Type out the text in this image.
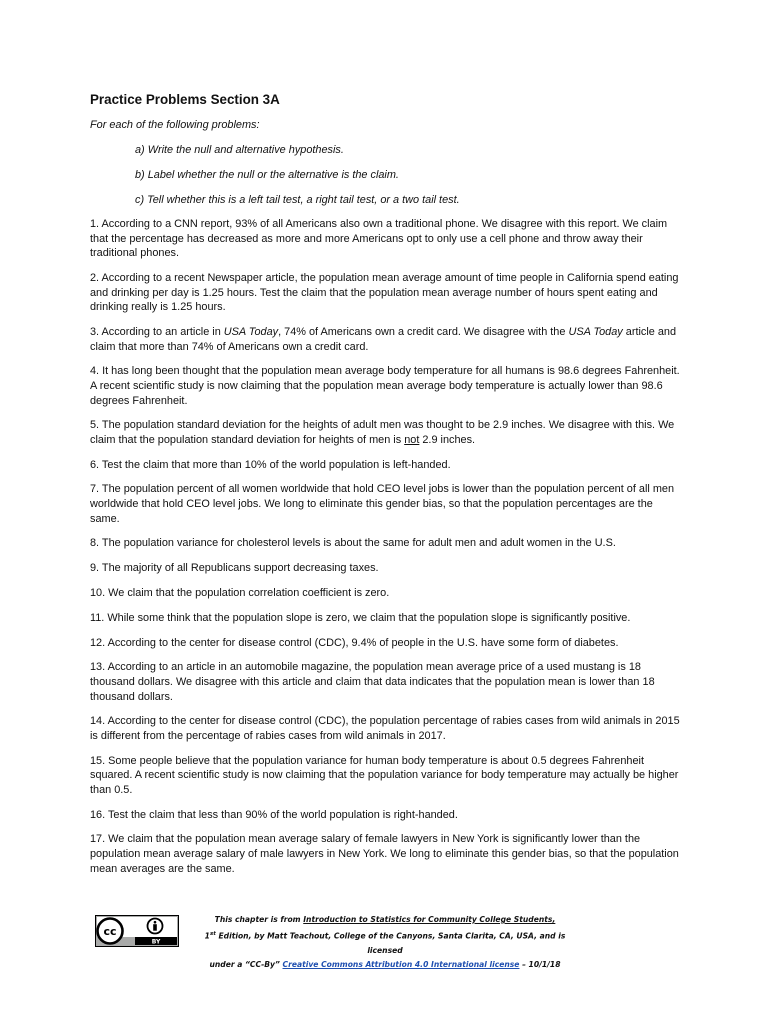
Practice Problems Section 3A
For each of the following problems:
a) Write the null and alternative hypothesis.
b) Label whether the null or the alternative is the claim.
c) Tell whether this is a left tail test, a right tail test, or a two tail test.

1. According to a CNN report, 93% of all Americans also own a traditional phone. We disagree with this report. We claim that the percentage has decreased as more and more Americans opt to only use a cell phone and throw away their traditional phones.

2. According to a recent Newspaper article, the population mean average amount of time people in California spend eating and drinking per day is 1.25 hours. Test the claim that the population mean average number of hours spent eating and drinking really is 1.25 hours.

3. According to an article in USA Today, 74% of Americans own a credit card. We disagree with the USA Today article and claim that more than 74% of Americans own a credit card.

4. It has long been thought that the population mean average body temperature for all humans is 98.6 degrees Fahrenheit. A recent scientific study is now claiming that the population mean average body temperature is actually lower than 98.6 degrees Fahrenheit.

5. The population standard deviation for the heights of adult men was thought to be 2.9 inches. We disagree with this. We claim that the population standard deviation for heights of men is not 2.9 inches.

6. Test the claim that more than 10% of the world population is left-handed.

7. The population percent of all women worldwide that hold CEO level jobs is lower than the population percent of all men worldwide that hold CEO level jobs. We long to eliminate this gender bias, so that the population percentages are the same.

8. The population variance for cholesterol levels is about the same for adult men and adult women in the U.S.

9. The majority of all Republicans support decreasing taxes.

10. We claim that the population correlation coefficient is zero.

11. While some think that the population slope is zero, we claim that the population slope is significantly positive.

12. According to the center for disease control (CDC), 9.4% of people in the U.S. have some form of diabetes.

13. According to an article in an automobile magazine, the population mean average price of a used mustang is 18 thousand dollars. We disagree with this article and claim that data indicates that the population mean is lower than 18 thousand dollars.

14. According to the center for disease control (CDC), the population percentage of rabies cases from wild animals in 2015 is different from the percentage of rabies cases from wild animals in 2017.

15. Some people believe that the population variance for human body temperature is about 0.5 degrees Fahrenheit squared. A recent scientific study is now claiming that the population variance for body temperature may actually be higher than 0.5.

16. Test the claim that less than 90% of the world population is right-handed.

17. We claim that the population mean average salary of female lawyers in New York is significantly lower than the population mean average salary of male lawyers in New York. We long to eliminate this gender bias, so that the population mean averages are the same.

cc
BY
This chapter is from Introduction to Statistics for Community College Students,
1st Edition, by Matt Teachout, College of the Canyons, Santa Clarita, CA, USA, and is licensed
under a “CC-By” Creative Commons Attribution 4.0 International license – 10/1/18
